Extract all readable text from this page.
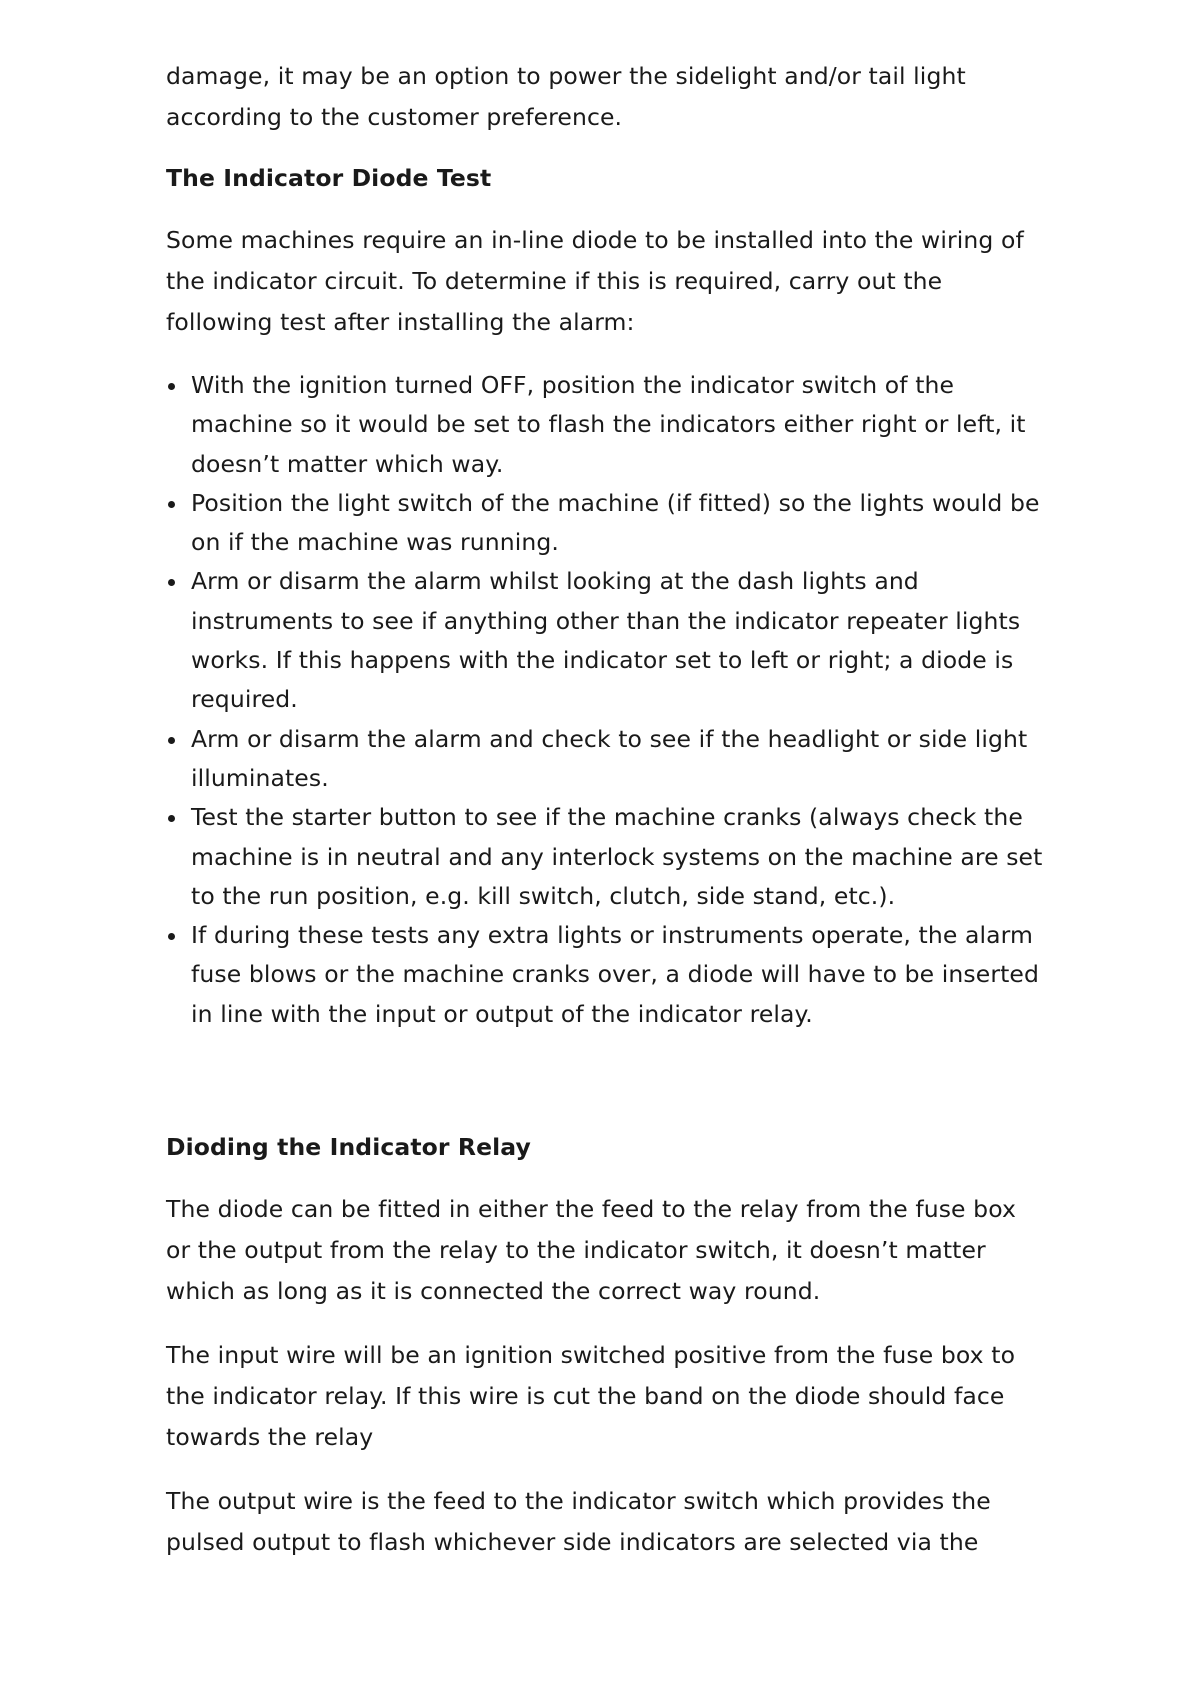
damage, it may be an option to power the sidelight and/or tail light according to the customer preference.

The Indicator Diode Test

Some machines require an in-line diode to be installed into the wiring of the indicator circuit. To determine if this is required, carry out the following test after installing the alarm:

With the ignition turned OFF, position the indicator switch of the machine so it would be set to flash the indicators either right or left, it doesn’t matter which way.
Position the light switch of the machine (if fitted) so the lights would be on if the machine was running.
Arm or disarm the alarm whilst looking at the dash lights and instruments to see if anything other than the indicator repeater lights works. If this happens with the indicator set to left or right; a diode is required.
Arm or disarm the alarm and check to see if the headlight or side light illuminates.
Test the starter button to see if the machine cranks (always check the machine is in neutral and any interlock systems on the machine are set to the run position, e.g. kill switch, clutch, side stand, etc.).
If during these tests any extra lights or instruments operate, the alarm fuse blows or the machine cranks over, a diode will have to be inserted in line with the input or output of the indicator relay.

Dioding the Indicator Relay

The diode can be fitted in either the feed to the relay from the fuse box or the output from the relay to the indicator switch, it doesn’t matter which as long as it is connected the correct way round.

The input wire will be an ignition switched positive from the fuse box to the indicator relay. If this wire is cut the band on the diode should face towards the relay

The output wire is the feed to the indicator switch which provides the pulsed output to flash whichever side indicators are selected via the
